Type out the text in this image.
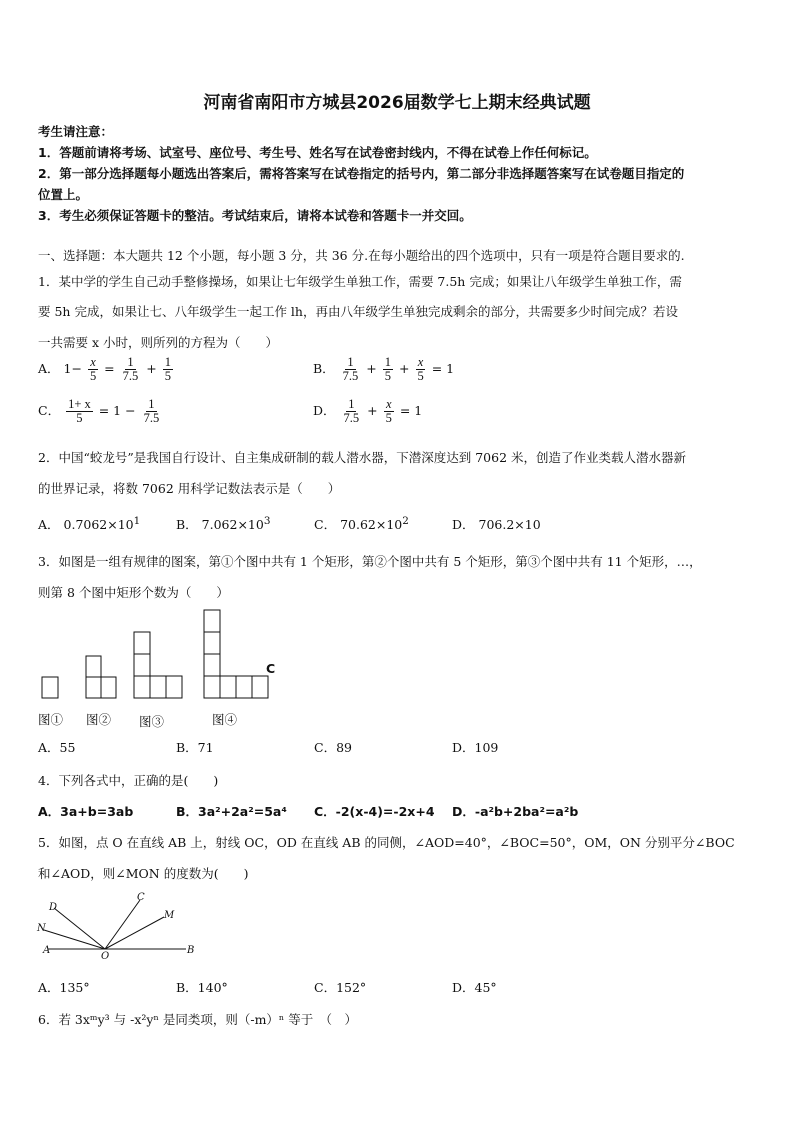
河南省南阳市方城县2026届数学七上期末经典试题
考生请注意：
1．答题前请将考场、试室号、座位号、考生号、姓名写在试卷密封线内，不得在试卷上作任何标记。
2．第一部分选择题每小题选出答案后，需将答案写在试卷指定的括号内，第二部分非选择题答案写在试卷题目指定的
位置上。
3．考生必须保证答题卡的整洁。考试结束后，请将本试卷和答题卡一并交回。
一、选择题：本大题共 12 个小题，每小题 3 分，共 36 分.在每小题给出的四个选项中，只有一项是符合题目要求的.
1．某中学的学生自己动手整修操场，如果让七年级学生单独工作，需要 7.5h 完成；如果让八年级学生单独工作，需
要 5h 完成，如果让七、八年级学生一起工作 lh，再由八年级学生单独完成剩余的部分，共需要多少时间完成？若设
一共需要 x 小时，则所列的方程为（　　）
A． $1- \frac{x}{5} = \frac{1}{7.5} + \frac{1}{5}$	B． $\frac{1}{7.5} + \frac{1}{5} + \frac{x}{5} = 1$
C． $\frac{1+ x}{5} = 1 - \frac{1}{7.5}$	D． $\frac{1}{7.5} + \frac{x}{5} = 1$
2．中国“蛟龙号”是我国自行设计、自主集成研制的载人潜水器，下潜深度达到 7062 米，创造了作业类载人潜水器新
的世界记录，将数 7062 用科学记数法表示是（　　）
A． $0.7062\times 10^1$	B． $7.062\times 10^3$	C． $70.62\times 10^2$	D． 706.2×10
3．如图是一组有规律的图案，第①个图中共有 1 个矩形，第②个图中共有 5 个矩形，第③个图中共有 11 个矩形，…，
则第 8 个图中矩形个数为（　　）
C
图① 图② 图③	图④
A．55	B．71	C．89	D．109
4．下列各式中，正确的是(　　)
A．3a+b=3ab	B．3a²+2a²=5a⁴ C．-2(x-4)=-2x+4 D．-a²b+2ba²=a²b
5．如图，点 O 在直线 AB 上，射线 OC，OD 在直线 AB 的同侧，∠AOD=40°，∠BOC=50°，OM，ON 分别平分∠BOC
和∠AOD，则∠MON 的度数为(　　)
A	B
O
C
D
M
N
A．135°	B．140°	C．152°	D．45°
6．若 3xᵐy³ 与 -x²yⁿ 是同类项，则（-m）ⁿ 等于　（　）
